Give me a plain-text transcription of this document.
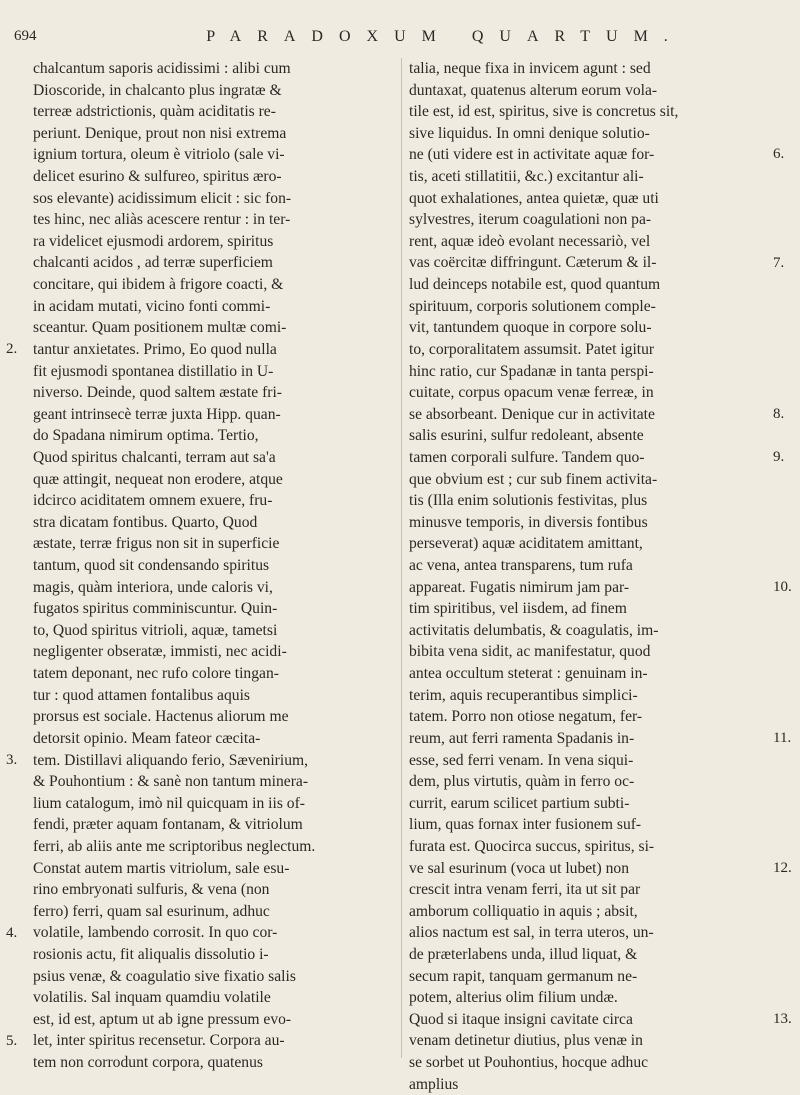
694	PARADOXUM QUARTUM.
chalcantum saporis acidissimi : alibi cum
Dioscoride, in chalcanto plus ingratæ &
terreæ adstrictionis, quàm aciditatis re-
periunt. Denique, prout non nisi extrema
ignium tortura, oleum è vitriolo (sale vi-
delicet esurino & sulfureo, spiritus æro-
sos elevante) acidissimum elicit : sic fon-
tes hinc, nec aliàs acescere rentur : in ter-
ra videlicet ejusmodi ardorem, spiritus
chalcanti acidos , ad terræ superficiem
concitare, qui ibidem à frigore coacti, &
in acidam mutati, vicino fonti commi-
sceantur. Quam positionem multæ comi-
tantur anxietates. Primo, Eo quod nulla
fit ejusmodi spontanea distillatio in U-
niverso. Deinde, quod saltem æstate fri-
geant intrinsecè terræ juxta Hipp. quan-
do Spadana nimirum optima. Tertio,
Quod spiritus chalcanti, terram aut sa'a
quæ attingit, nequeat non erodere, atque
idcirco aciditatem omnem exuere, fru-
stra dicatam fontibus. Quarto, Quod
æstate, terræ frigus non sit in superficie
tantum, quod sit condensando spiritus
magis, quàm interiora, unde caloris vi,
fugatos spiritus comminiscuntur. Quin-
to, Quod spiritus vitrioli, aquæ, tametsi
negligenter obseratæ, immisti, nec acidi-
tatem deponant, nec rufo colore tingan-
tur : quod attamen fontalibus aquis
prorsus est sociale. Hactenus aliorum me
detorsit opinio. Meam fateor cæcita-
tem. Distillavi aliquando ferio, Sævenirium,
& Pouhontium : & sanè non tantum minera-
lium catalogum, imò nil quicquam in iis of-
fendi, præter aquam fontanam, & vitriolum
ferri, ab aliis ante me scriptoribus neglectum.
Constat autem martis vitriolum, sale esu-
rino embryonati sulfuris, & vena (non
ferro) ferri, quam sal esurinum, adhuc
volatile, lambendo corrosit. In quo cor-
rosionis actu, fit aliqualis dissolutio i-
psius venæ, & coagulatio sive fixatio salis
volatilis. Sal inquam quamdiu volatile
est, id est, aptum ut ab igne pressum evo-
let, inter spiritus recensetur. Corpora au-
tem non corrodunt corpora, quatenus
talia, neque fixa in invicem agunt : sed
duntaxat, quatenus alterum eorum vola-
tile est, id est, spiritus, sive is concretus sit,
sive liquidus. In omni denique solutio-
ne (uti videre est in activitate aquæ for-
tis, aceti stillatitii, &c.) excitantur ali-
quot exhalationes, antea quietæ, quæ uti
sylvestres, iterum coagulationi non pa-
rent, aquæ ideò evolant necessariò, vel
vas coërcitæ diffringunt. Cæterum & il-
lud deinceps notabile est, quod quantum
spirituum, corporis solutionem comple-
vit, tantundem quoque in corpore solu-
to, corporalitatem assumsit. Patet igitur
hinc ratio, cur Spadanæ in tanta perspi-
cuitate, corpus opacum venæ ferreæ, in
se absorbeant. Denique cur in activitate
salis esurini, sulfur redoleant, absente
tamen corporali sulfure. Tandem quo-
que obvium est ; cur sub finem activita-
tis (Illa enim solutionis festivitas, plus
minusve temporis, in diversis fontibus
perseverat) aquæ aciditatem amittant,
ac vena, antea transparens, tum rufa
appareat. Fugatis nimirum jam par-
tim spiritibus, vel iisdem, ad finem
activitatis delumbatis, & coagulatis, im-
bibita vena sidit, ac manifestatur, quod
antea occultum steterat : genuinam in-
terim, aquis recuperantibus simplici-
tatem. Porro non otiose negatum, fer-
reum, aut ferri ramenta Spadanis in-
esse, sed ferri venam. In vena siqui-
dem, plus virtutis, quàm in ferro oc-
currit, earum scilicet partium subti-
lium, quas fornax inter fusionem suf-
furata est. Quocirca succus, spiritus, si-
ve sal esurinum (voca ut lubet) non
crescit intra venam ferri, ita ut sit par
amborum colliquatio in aquis ; absit,
alios nactum est sal, in terra uteros, un-
de præterlabens unda, illud liquat, &
secum rapit, tanquam germanum ne-
potem, alterius olim filium undæ.
Quod si itaque insigni cavitate circa
venam detinetur diutius, plus venæ in
se sorbet ut Pouhontius, hocque adhuc
amplius
2.
3.
4.
5.
6.
7.
8.
9.
10.
11.
12.
13.
